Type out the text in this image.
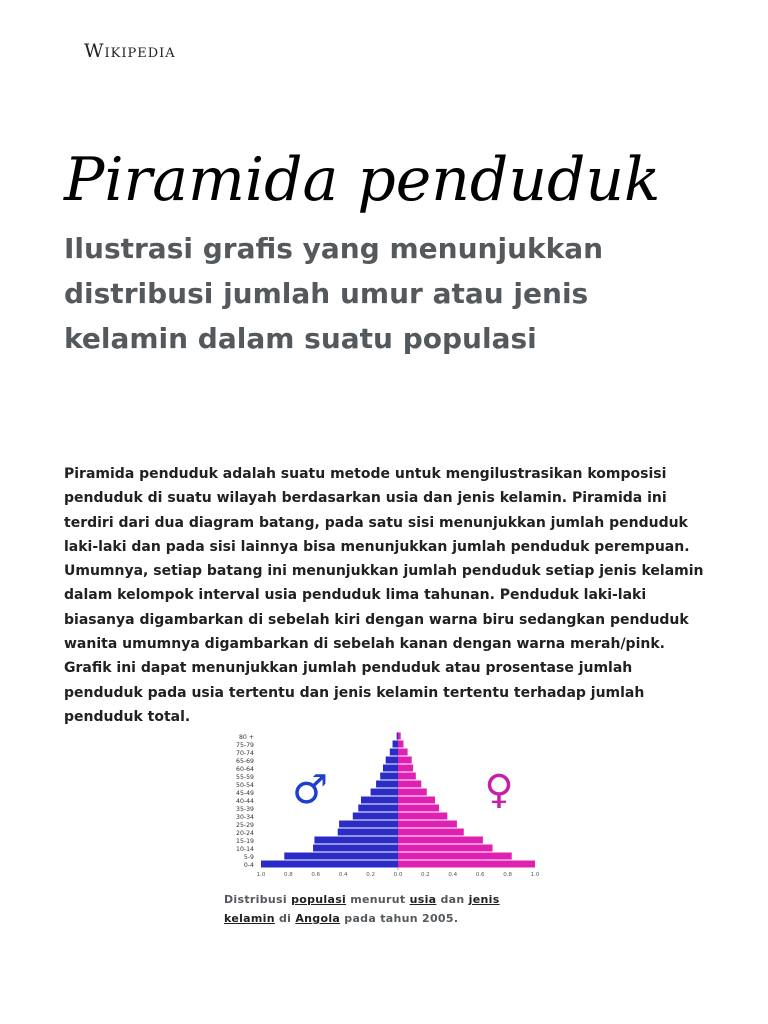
Wikipedia
Piramida penduduk
Ilustrasi grafis yang menunjukkan distribusi jumlah umur atau jenis kelamin dalam suatu populasi

Piramida penduduk adalah suatu metode untuk mengilustrasikan komposisi penduduk di suatu wilayah berdasarkan usia dan jenis kelamin. Piramida ini terdiri dari dua diagram batang, pada satu sisi menunjukkan jumlah penduduk laki-laki dan pada sisi lainnya bisa menunjukkan jumlah penduduk perempuan. Umumnya, setiap batang ini menunjukkan jumlah penduduk setiap jenis kelamin dalam kelompok interval usia penduduk lima tahunan. Penduduk laki-laki biasanya digambarkan di sebelah kiri dengan warna biru sedangkan penduduk wanita umumnya digambarkan di sebelah kanan dengan warna merah/pink. Grafik ini dapat menunjukkan jumlah penduduk atau prosentase jumlah penduduk pada usia tertentu dan jenis kelamin tertentu terhadap jumlah penduduk total.

0-4
5-9
10-14
15-19
20-24
25-29
30-34
35-39
40-44
45-49
50-54
55-59
60-64
65-69
70-74
75-79
80 +
1.0	0.8	0.6	0.4	0.2	0.0	0.2	0.4	0.6	0.8	1.0
♂	♀

Distribusi populasi menurut usia dan jenis kelamin di Angola pada tahun 2005.
